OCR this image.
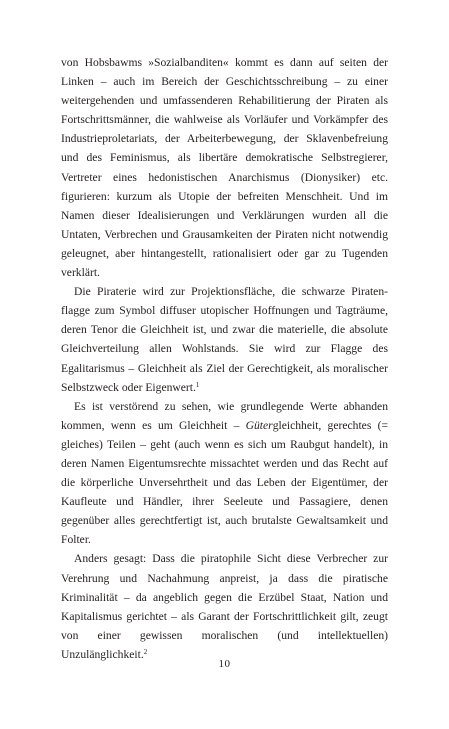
von Hobsbawms »Sozialbanditen« kommt es dann auf seiten der Linken – auch im Bereich der Geschichtsschreibung – zu einer weitergehenden und umfassenderen Rehabilitierung der Piraten als Fortschrittsmänner, die wahlweise als Vorläufer und Vorkämpfer des Industrieproletariats, der Arbeiterbewegung, der Sklavenbefreiung und des Feminismus, als libertäre demokratische Selbstregierer, Vertreter eines hedonistischen Anarchismus (Dionysiker) etc. figurieren: kurzum als Utopie der befreiten Menschheit. Und im Namen dieser Idealisierungen und Verklärungen wurden all die Untaten, Verbrechen und Grausamkeiten der Piraten nicht notwendig geleugnet, aber hintangestellt, rationalisiert oder gar zu Tugenden verklärt.

Die Piraterie wird zur Projektionsfläche, die schwarze Piratenflagge zum Symbol diffuser utopischer Hoffnungen und Tagträume, deren Tenor die Gleichheit ist, und zwar die materielle, die absolute Gleichverteilung allen Wohlstands. Sie wird zur Flagge des Egalitarismus – Gleichheit als Ziel der Gerechtigkeit, als moralischer Selbstzweck oder Eigenwert.$^1$

Es ist verstörend zu sehen, wie grundlegende Werte abhanden kommen, wenn es um Gleichheit – Gütergleichheit, gerechtes (= gleiches) Teilen – geht (auch wenn es sich um Raubgut handelt), in deren Namen Eigentumsrechte missachtet werden und das Recht auf die körperliche Unversehrtheit und das Leben der Eigentümer, der Kaufleute und Händler, ihrer Seeleute und Passagiere, denen gegenüber alles gerechtfertigt ist, auch brutalste Gewaltsamkeit und Folter.

Anders gesagt: Dass die piratophile Sicht diese Verbrecher zur Verehrung und Nachahmung anpreist, ja dass die piratische Kriminalität – da angeblich gegen die Erzübel Staat, Nation und Kapitalismus gerichtet – als Garant der Fortschrittlichkeit gilt, zeugt von einer gewissen moralischen (und intellektuellen) Unzulänglichkeit.$^2$

10
